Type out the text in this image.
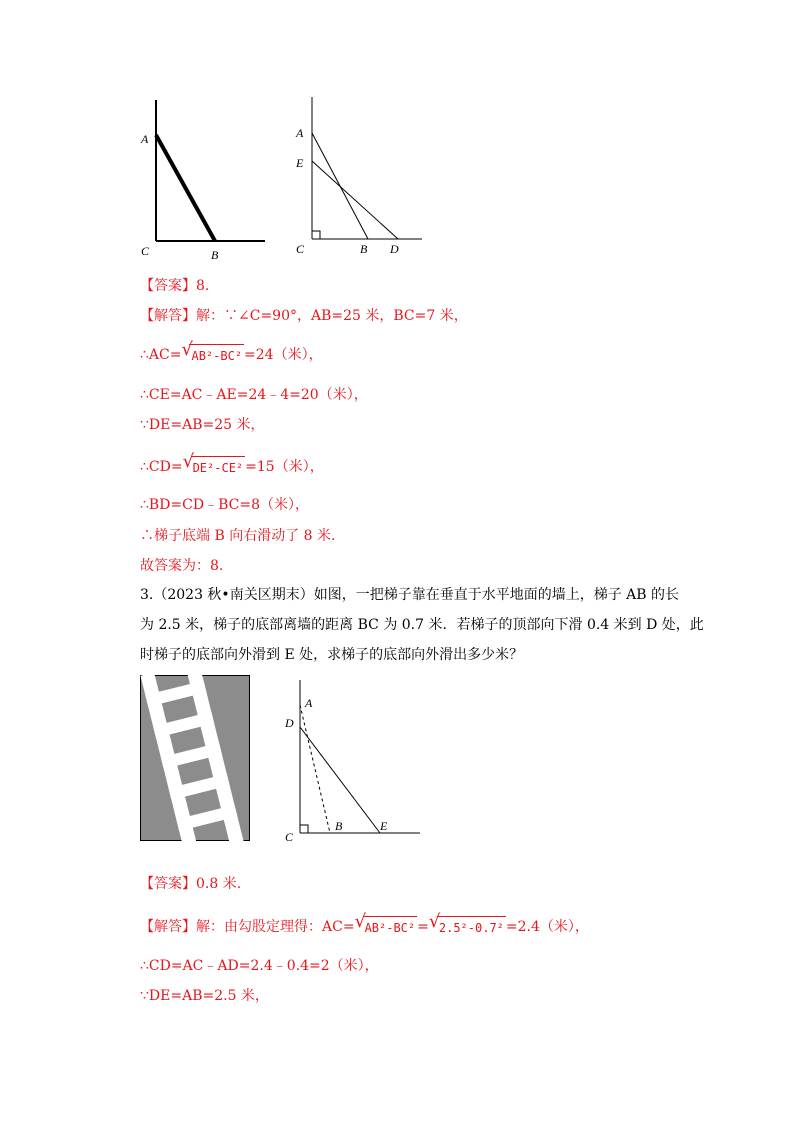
A
C	B
A
E
C	B D
【答案】8.
【解答】解：∵∠C=90°，AB=25 米，BC=7 米，
∴AC= √
AB²-BC² =24（米），
∴CE=AC﹣AE=24﹣4=20（米），
∵DE=AB=25 米，
∴CD= √
DE²-CE² =15（米），
∴BD=CD﹣BC=8（米），
∴梯子底端 B 向右滑动了 8 米.
故答案为：8.
3.（2023 秋•南关区期末）如图，一把梯子靠在垂直于水平地面的墙上，梯子 AB 的长
为 2.5 米，梯子的底部离墙的距离 BC 为 0.7 米．若梯子的顶部向下滑 0.4 米到 D 处，此
时梯子的底部向外滑到 E 处，求梯子的底部向外滑出多少米？
A
D
C
B	E
【答案】0.8 米.
【解答】解：由勾股定理得：AC= √
AB²-BC² = √
2.5²-0.7² =2.4（米），
∴CD=AC﹣AD=2.4﹣0.4=2（米），
∵DE=AB=2.5 米，
